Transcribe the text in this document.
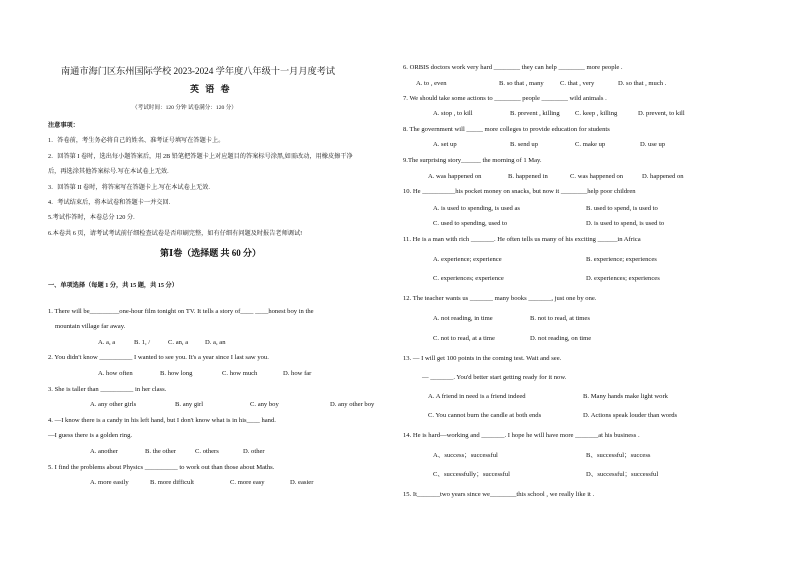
南通市海门区东州国际学校 2023-2024 学年度八年级十一月月度考试
英 语 卷
（考试时间：120 分钟 试卷满分：120 分）
注意事项：
1．答卷前，考生务必将自己的姓名、准考证号填写在答题卡上。
2．回答第 I 卷时，选出每小题答案后，用 2B 铅笔把答题卡上对应题目的答案标号涂黑,如需改动，用橡皮擦干净
后，再选涂其他答案标号.写在本试卷上无效.
3．回答第 II 卷时，将答案写在答题卡上.写在本试卷上无效.
4．考试结束后，将本试卷和答题卡一并交回.
5.考试作答时，本卷总分 120 分.
6.本卷共 6 页，请考试考试前仔细检查试卷是否印刷完整，如有仔细有问题及时报告老师调试!
第Ⅰ卷（选择题 共 60 分）
一、单项选择（每题 1 分，共 15 题，共 15 分）
1. There will be_________one-hour film tonight on TV. It tells a story of____ ____honest boy in the
mountain village far away.
A. a, a	B. 1, /	C. an, a	D. a, an
2. You didn't know __________ I wanted to see you. It's a year since I last saw you.
A. how often	B. how long	C. how much	D. how far
3. She is taller than __________ in her class.
A. any other girls	B. any girl	C. any boy	D. any other boy
4. —I know there is a candy in his left hand, but I don't know what is in his____ hand.
—I guess there is a golden ring.
A. another	B. the other	C. others	D. other
5. I find the problems about Physics __________ to work out than those about Maths.
A. more easily	B. more difficult	C. more easy	D. easier
6. ORBIS doctors work very hard ________ they can help ________ more people .
A. to , even	B. so that , many C. that , very	D. so that , much .
7. We should take some actions to ________ people ________ wild animals .
A. stop , to kill	B. prevent , killing C. keep , killing	D. prevent, to kill
8. The government will _____ more colleges to provide education for students
A. set up	B. send up	C. make up	D. use up
9.The surprising story______ the morning of 1 May.
A. was happened on	B. happened in	C. was happened on	D. happened on
10. He __________his pocket money on snacks, but now it ________help poor children
A. is used to spending, is used as	B. used to spend, is used to
C. used to spending, used to	D. is used to spend, is used to
11. He is a man with rich _______. He often tells us many of his exciting ______in Africa
A. experience; experience	B. experience; experiences
C. experiences; experience	D. experiences; experiences
12. The teacher wants us _______ many books _______, just one by one.
A. not reading, in time	B. not to read, at times
C. not to read, at a time	D. not reading, on time
13. — I will get 100 points in the coming test. Wait and see.
— _______. You'd better start getting ready for it now.
A. A friend in need is a friend indeed	B. Many hands make light work
C. You cannot burn the candle at both ends	D. Actions speak louder than words
14. He is hard—working and _______. I hope he will have more _______at his business .
A、success；successful	B、successful；success
C、successfully；successful	D、successful；successful
15. It_______two years since we________this school , we really like it .
